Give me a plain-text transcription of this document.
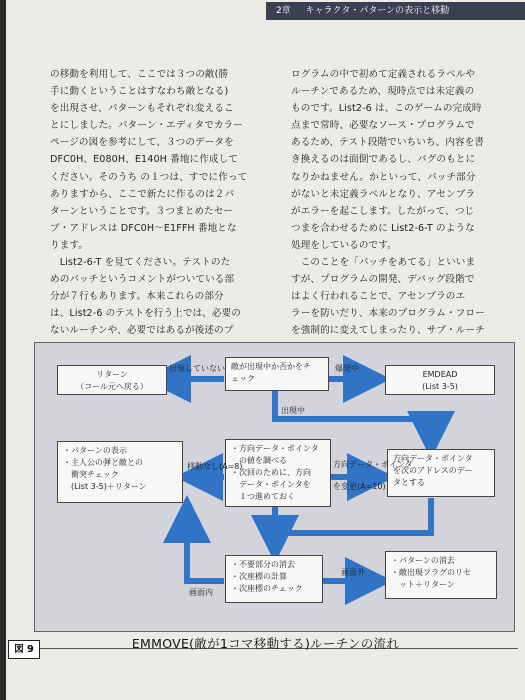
2章 　 キャラクタ・パターンの表示と移動

の移動を利用して、ここでは３つの敵(勝
手に動くということはすなわち敵となる)
を出現させ、パターンもそれぞれ変えるこ
とにしました。パターン・エディタでカラー
ページの図を参考にして、３つのデータを
DFC0H、E080H、E140H 番地に作成して
ください。そのうち の１つは、すでに作って
ありますから、ここで新たに作るのは２パ
ターンということです。３つまとめたセー
ブ・アドレスは DFC0H～E1FFH 番地とな
ります。

　List2-6-T を見てください。テストのた
めのパッチというコメントがついている部
分が７行もあります。本来これらの部分
は、List2-6 のテストを行う上では、必要の
ないルーチンや、必要ではあるが後述のプ

ログラムの中で初めて定義されるラベルや
ルーチンであるため、現時点では未定義の
ものです。List2-6 は、このゲームの完成時
点まで常時、必要なソース・プログラムで
あるため、テスト段階でいちいち、内容を書
き換えるのは面倒であるし、バグのもとに
なりかねません。かといって、パッチ部分
がないと未定義ラベルとなり、アセンブラ
がエラーを起こします。したがって、つじ
つまを合わせるために List2-6-T のような
処理をしているのです。

　このことを「パッチをあてる」といいま
すが、プログラムの開発、デバッグ段階で
はよく行われることで、アセンブラのエ
ラーを防いだり、本来のプログラム・フロー
を強制的に変えてしまったり、サブ・ルーチ

リターン
（コール元へ戻る）
敵が出現中か否かをチ
ェック	EMDEAD
(List 3-5)
・パターンの表示
・主人公の弾と敵との
　衝突チェック
　(List 3-5)＋リターン
・方向データ・ポインタ
　の値を調べる
・次回のために、方向
　データ・ポインタを
　１つ進めておく
方向データ・ポインタ
を次のアドレスのデー
タとする
・不要部分の消去
・次座標の計算
・次座標のチェック
・パターンの消去
・敵出現フラグのリセ
　ット＋リターン
出現していない	爆発中
出現中
移動なし(A=8)	方向データ・ポインタ
を変更(A=10)
画面内
画面外
図 9	EMMOVE(敵が1コマ移動する)ルーチンの流れ
